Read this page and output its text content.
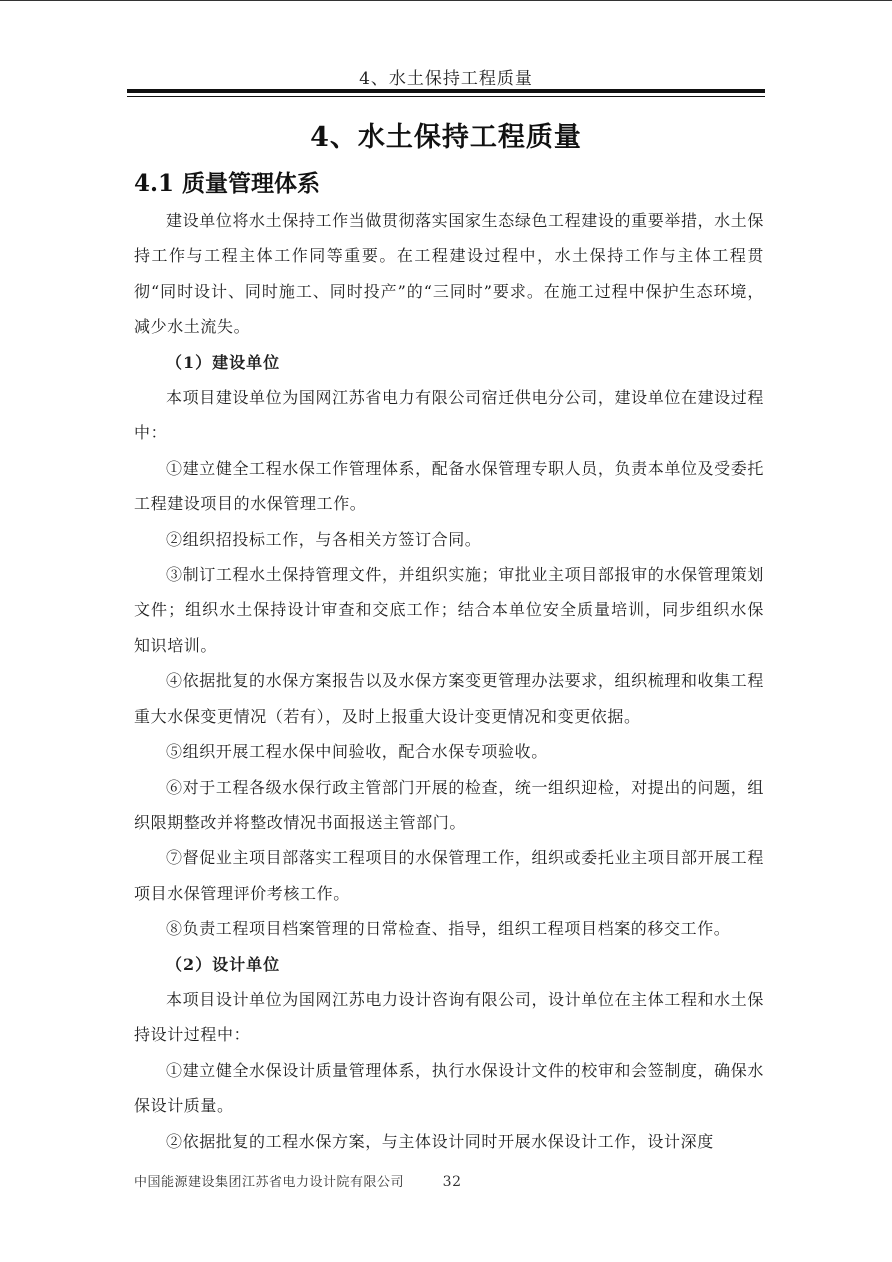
4、水土保持工程质量
4、水土保持工程质量
4.1 质量管理体系

建设单位将水土保持工作当做贯彻落实国家生态绿色工程建设的重要举措，水土保持工作与工程主体工作同等重要。在工程建设过程中，水土保持工作与主体工程贯彻“同时设计、同时施工、同时投产”的“三同时”要求。在施工过程中保护生态环境，减少水土流失。

（1）建设单位

本项目建设单位为国网江苏省电力有限公司宿迁供电分公司，建设单位在建设过程中：

①建立健全工程水保工作管理体系，配备水保管理专职人员，负责本单位及受委托工程建设项目的水保管理工作。

②组织招投标工作，与各相关方签订合同。

③制订工程水土保持管理文件，并组织实施；审批业主项目部报审的水保管理策划文件；组织水土保持设计审查和交底工作；结合本单位安全质量培训，同步组织水保知识培训。

④依据批复的水保方案报告以及水保方案变更管理办法要求，组织梳理和收集工程重大水保变更情况（若有），及时上报重大设计变更情况和变更依据。

⑤组织开展工程水保中间验收，配合水保专项验收。

⑥对于工程各级水保行政主管部门开展的检查，统一组织迎检，对提出的问题，组织限期整改并将整改情况书面报送主管部门。

⑦督促业主项目部落实工程项目的水保管理工作，组织或委托业主项目部开展工程项目水保管理评价考核工作。

⑧负责工程项目档案管理的日常检查、指导，组织工程项目档案的移交工作。

（2）设计单位

本项目设计单位为国网江苏电力设计咨询有限公司，设计单位在主体工程和水土保持设计过程中：

①建立健全水保设计质量管理体系，执行水保设计文件的校审和会签制度，确保水保设计质量。

②依据批复的工程水保方案，与主体设计同时开展水保设计工作，设计深度

中国能源建设集团江苏省电力设计院有限公司	32
